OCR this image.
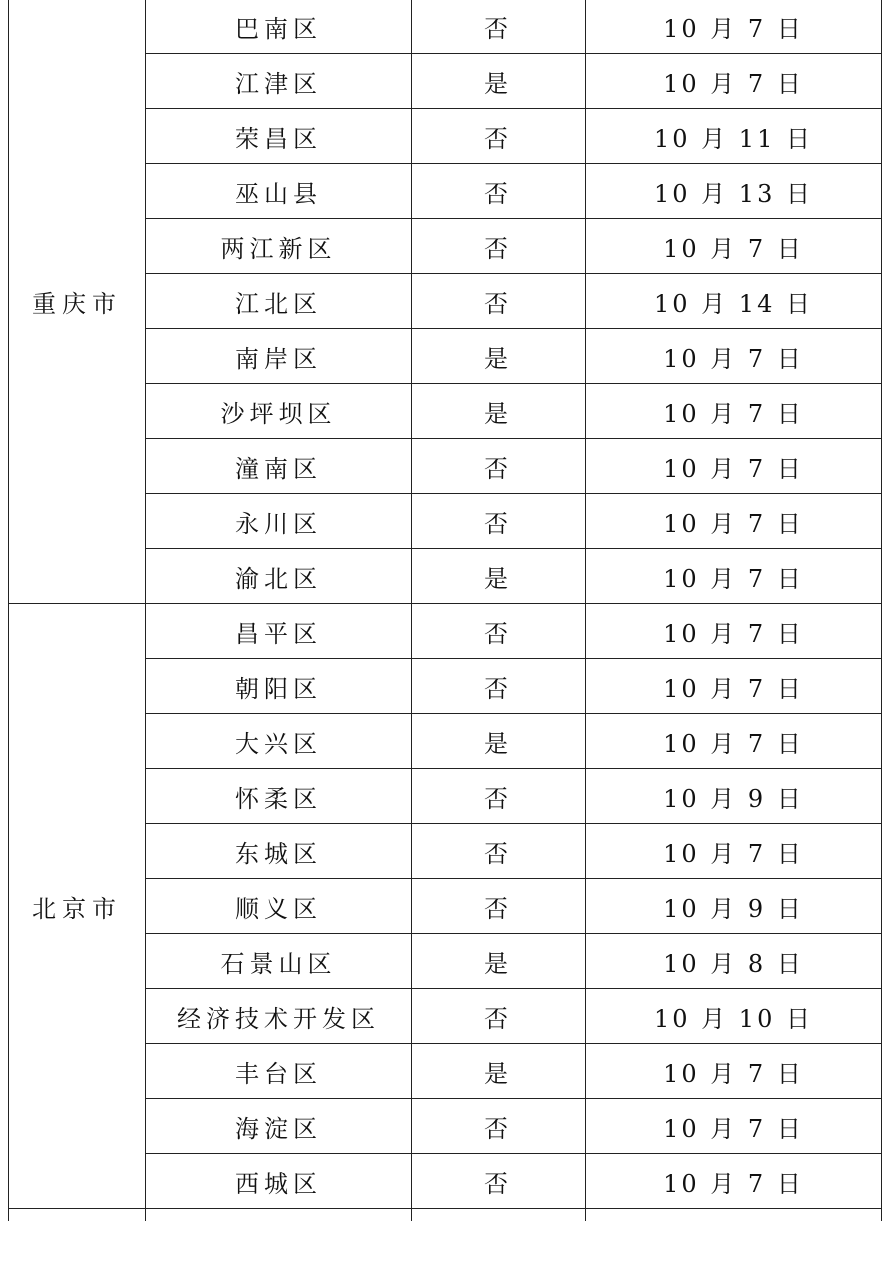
重庆市	巴南区	否	10 月 7 日
	江津区	是	10 月 7 日
	荣昌区	否	10 月 11 日
	巫山县	否	10 月 13 日
	两江新区	否	10 月 7 日
	江北区	否	10 月 14 日
	南岸区	是	10 月 7 日
	沙坪坝区	是	10 月 7 日
	潼南区	否	10 月 7 日
	永川区	否	10 月 7 日
	渝北区	是	10 月 7 日
北京市	昌平区	否	10 月 7 日
	朝阳区	否	10 月 7 日
	大兴区	是	10 月 7 日
	怀柔区	否	10 月 9 日
	东城区	否	10 月 7 日
	顺义区	否	10 月 9 日
	石景山区	是	10 月 8 日
	经济技术开发区	否	10 月 10 日
	丰台区	是	10 月 7 日
	海淀区	否	10 月 7 日
	西城区	否	10 月 7 日
